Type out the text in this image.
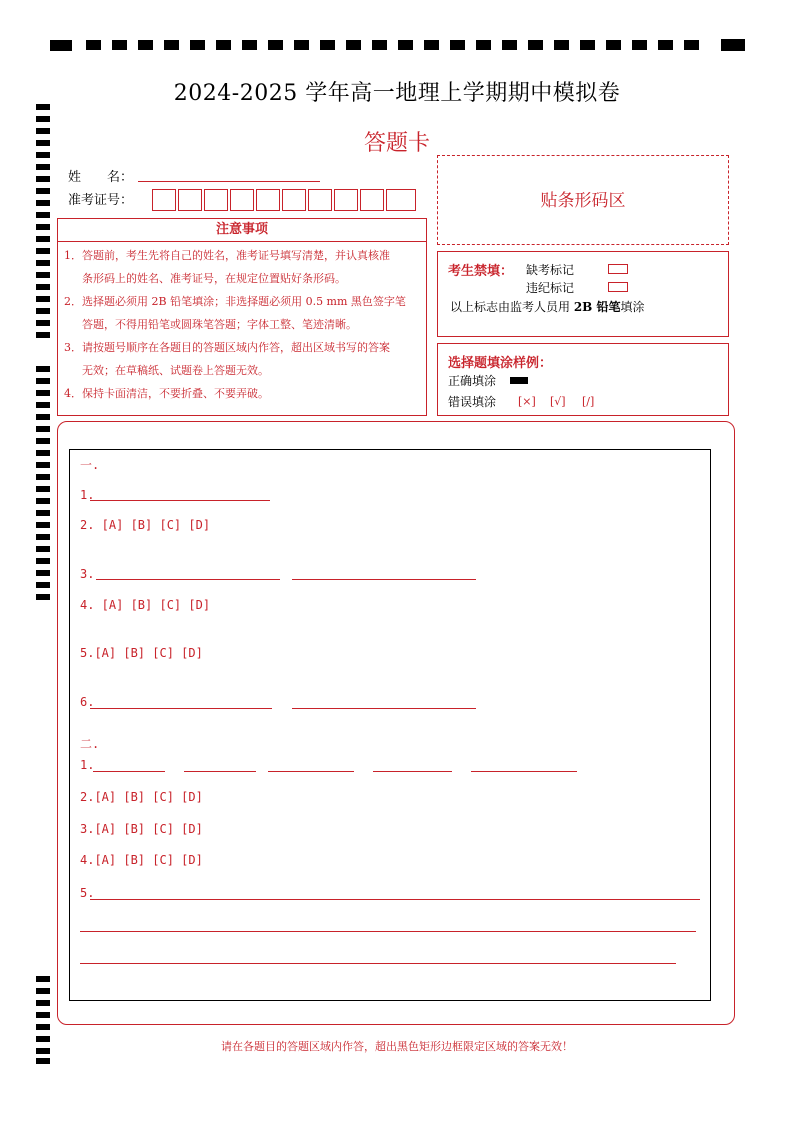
2024-2025 学年高一地理上学期期中模拟卷
答题卡
姓　　名：
准考证号：	贴条形码区
注意事项
1．答题前，考生先将自己的姓名，准考证号填写清楚，并认真核准
条形码上的姓名、准考证号，在规定位置贴好条形码。
2．选择题必须用 2B 铅笔填涂；非选择题必须用 0.5 mm 黑色签字笔
答题，不得用铅笔或圆珠笔答题；字体工整、笔迹清晰。
3．请按题号顺序在各题目的答题区域内作答，超出区域书写的答案
无效；在草稿纸、试题卷上答题无效。
4．保持卡面清洁，不要折叠、不要弄破。
考生禁填： 缺考标记
违纪标记
以上标志由监考人员用 2B 铅笔填涂
选择题填涂样例：
正确填涂
错误填涂 [×] [√] [/]
一.
1.
2. [A] [B] [C] [D]
3.
4. [A] [B] [C] [D]
5.[A] [B] [C] [D]
6.
二.
1.
2.[A] [B] [C] [D]
3.[A] [B] [C] [D]
4.[A] [B] [C] [D]
5.
请在各题目的答题区域内作答，超出黑色矩形边框限定区域的答案无效！
